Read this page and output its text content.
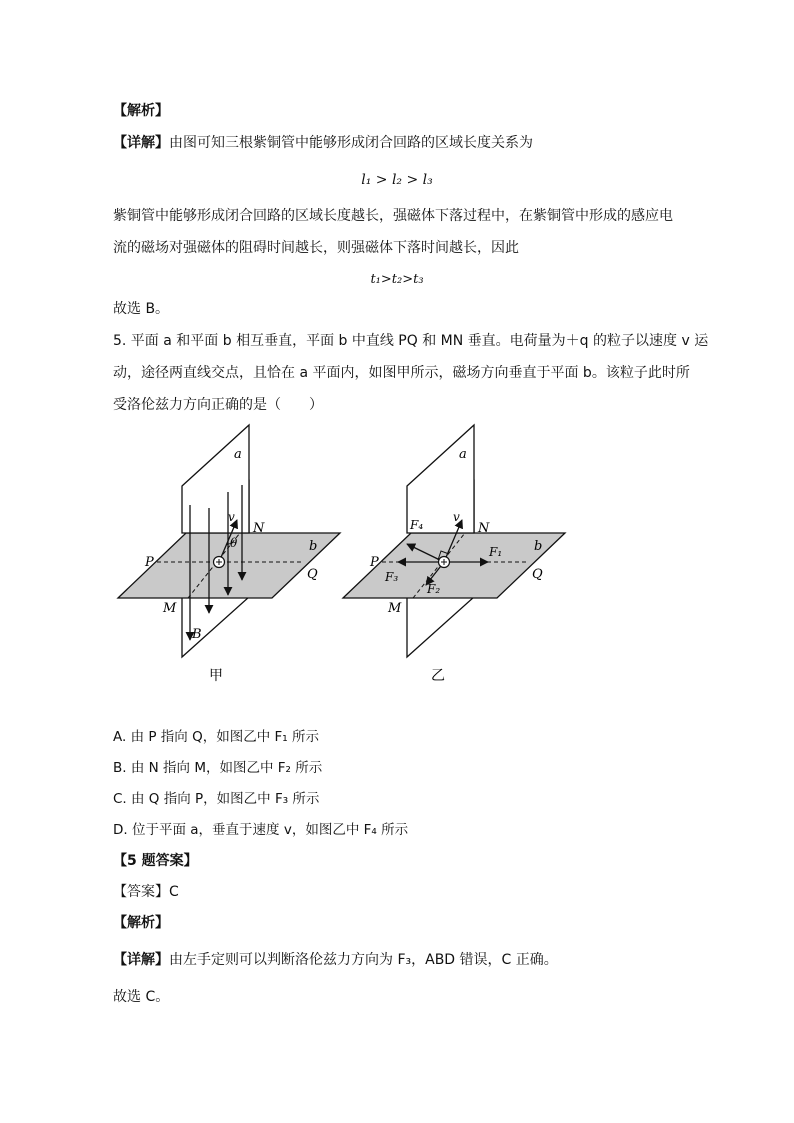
【解析】
【详解】由图可知三根紫铜管中能够形成闭合回路的区域长度关系为
l₁ > l₂ > l₃
紫铜管中能够形成闭合回路的区域长度越长，强磁体下落过程中，在紫铜管中形成的感应电
流的磁场对强磁体的阻碍时间越长，则强磁体下落时间越长，因此
t₁>t₂>t₃
故选 B。
5. 平面 a 和平面 b 相互垂直，平面 b 中直线 PQ 和 MN 垂直。电荷量为＋q 的粒子以速度 v 运
动，途径两直线交点，且恰在 a 平面内，如图甲所示，磁场方向垂直于平面 b。该粒子此时所
受洛伦兹力方向正确的是（　　）
a
b
P
Q
M
N
v
θ
B
甲
a
b
P
Q
M
N
v
F₁
F₂
F₃
F₄
乙
A. 由 P 指向 Q，如图乙中 F₁ 所示
B. 由 N 指向 M，如图乙中 F₂ 所示
C. 由 Q 指向 P，如图乙中 F₃ 所示
D. 位于平面 a，垂直于速度 v，如图乙中 F₄ 所示
【5 题答案】
【答案】C
【解析】
【详解】由左手定则可以判断洛伦兹力方向为 F₃，ABD 错误，C 正确。
故选 C。
